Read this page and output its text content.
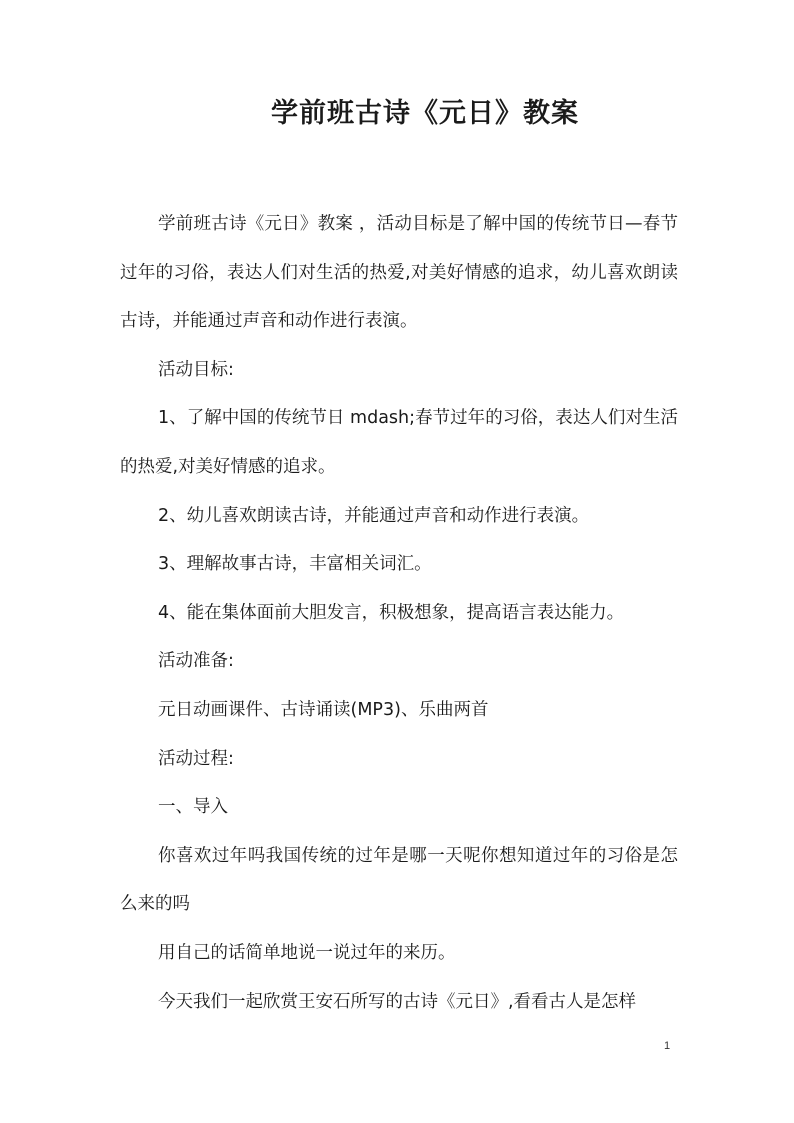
学前班古诗《元日》教案

学前班古诗《元日》教案 ，活动目标是了解中国的传统节日—春节过年的习俗，表达人们对生活的热爱,对美好情感的追求，幼儿喜欢朗读古诗，并能通过声音和动作进行表演。

活动目标:

1、了解中国的传统节日 mdash;春节过年的习俗，表达人们对生活的热爱,对美好情感的追求。

2、幼儿喜欢朗读古诗，并能通过声音和动作进行表演。

3、理解故事古诗，丰富相关词汇。

4、能在集体面前大胆发言，积极想象，提高语言表达能力。

活动准备:

元日动画课件、古诗诵读(MP3)、乐曲两首

活动过程:

一、导入

你喜欢过年吗我国传统的过年是哪一天呢你想知道过年的习俗是怎么来的吗

用自己的话简单地说一说过年的来历。

今天我们一起欣赏王安石所写的古诗《元日》,看看古人是怎样

1
